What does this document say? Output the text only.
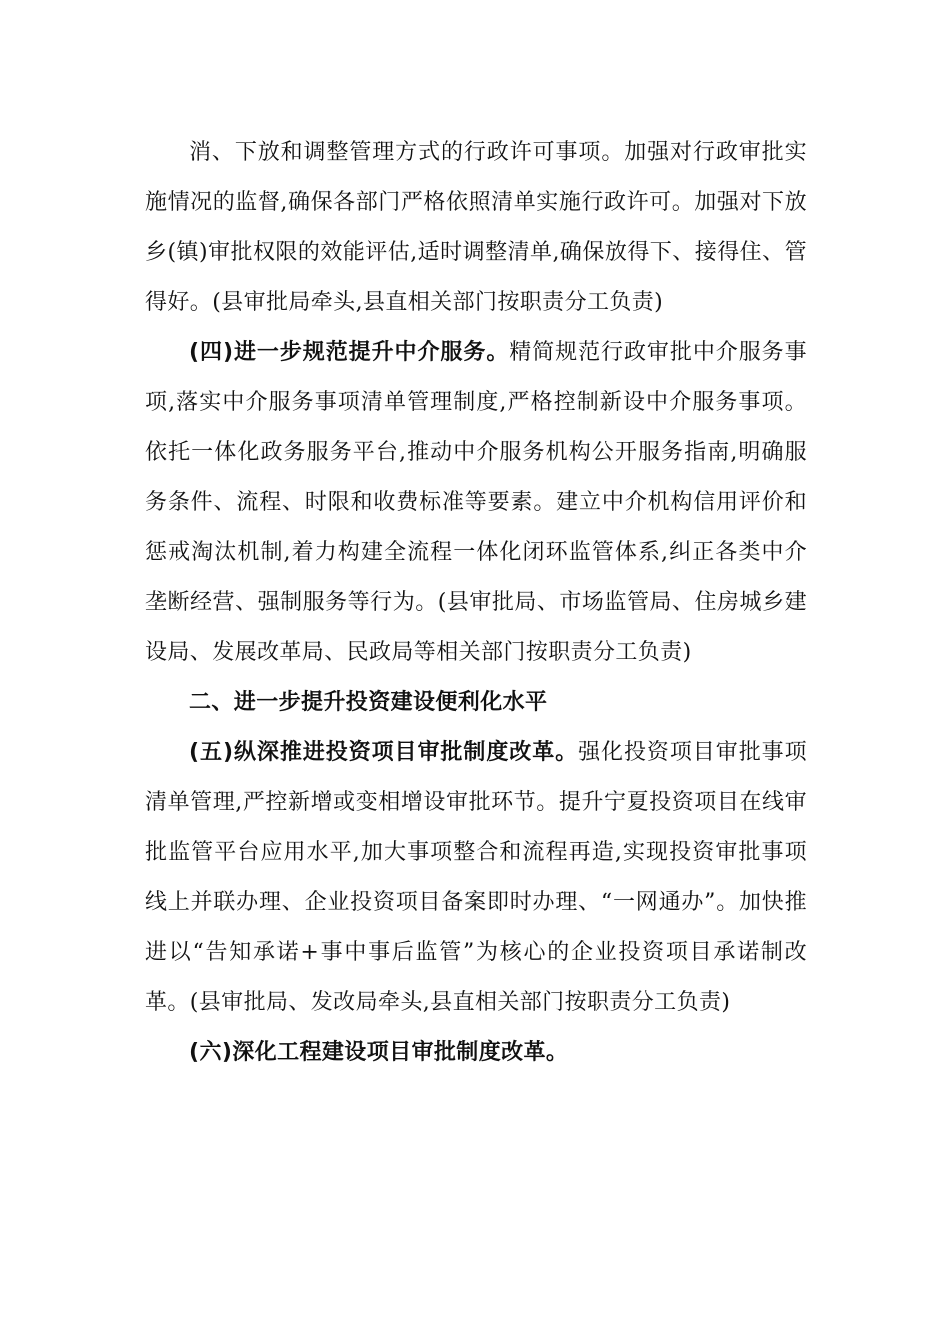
消、下放和调整管理方式的行政许可事项。加强对行政审批实施情况的监督,确保各部门严格依照清单实施行政许可。加强对下放乡(镇)审批权限的效能评估,适时调整清单,确保放得下、接得住、管得好。(县审批局牵头,县直相关部门按职责分工负责)

(四)进一步规范提升中介服务。精简规范行政审批中介服务事项,落实中介服务事项清单管理制度,严格控制新设中介服务事项。依托一体化政务服务平台,推动中介服务机构公开服务指南,明确服务条件、流程、时限和收费标准等要素。建立中介机构信用评价和惩戒淘汰机制,着力构建全流程一体化闭环监管体系,纠正各类中介垄断经营、强制服务等行为。(县审批局、市场监管局、住房城乡建设局、发展改革局、民政局等相关部门按职责分工负责)

二、进一步提升投资建设便利化水平

(五)纵深推进投资项目审批制度改革。强化投资项目审批事项清单管理,严控新增或变相增设审批环节。提升宁夏投资项目在线审批监管平台应用水平,加大事项整合和流程再造,实现投资审批事项线上并联办理、企业投资项目备案即时办理、“一网通办”。加快推进以“告知承诺+事中事后监管”为核心的企业投资项目承诺制改革。(县审批局、发改局牵头,县直相关部门按职责分工负责)

(六)深化工程建设项目审批制度改革。
